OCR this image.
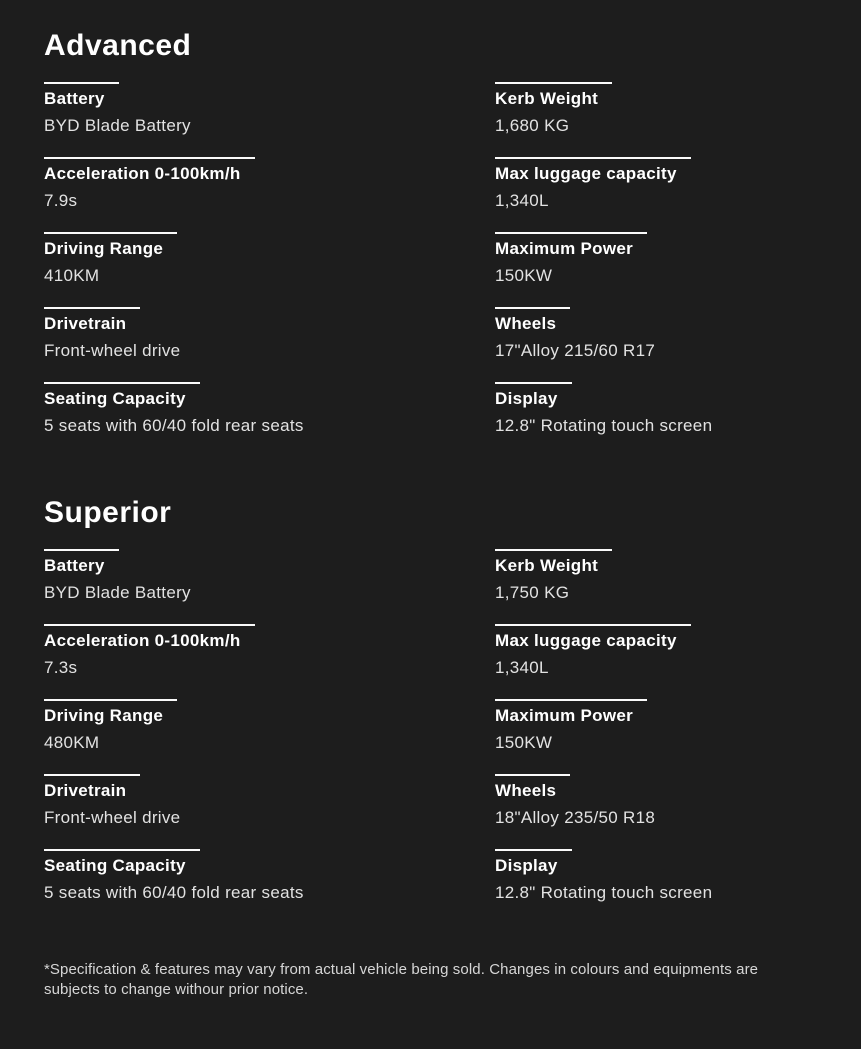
Advanced
Battery
BYD Blade Battery
Acceleration 0-100km/h
7.9s
Driving Range
410KM
Drivetrain
Front-wheel drive
Seating Capacity
5 seats with 60/40 fold rear seats
Kerb Weight
1,680 KG
Max luggage capacity
1,340L
Maximum Power
150KW
Wheels
17"Alloy 215/60 R17
Display
12.8" Rotating touch screen
Superior
Battery
BYD Blade Battery
Acceleration 0-100km/h
7.3s
Driving Range
480KM
Drivetrain
Front-wheel drive
Seating Capacity
5 seats with 60/40 fold rear seats
Kerb Weight
1,750 KG
Max luggage capacity
1,340L
Maximum Power
150KW
Wheels
18"Alloy 235/50 R18
Display
12.8" Rotating touch screen

*Specification & features may vary from actual vehicle being sold. Changes in colours and equipments are subjects to change withour prior notice.
